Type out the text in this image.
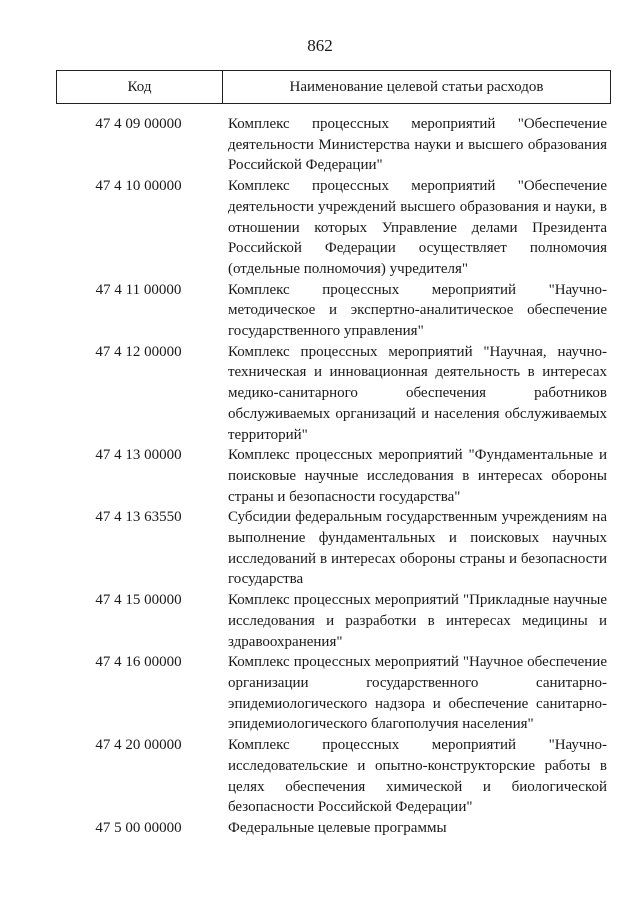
862
Код	Наименование целевой статьи расходов
47 4 09 00000	Комплекс процессных мероприятий "Обеспечение деятельности Министерства науки и высшего образования Российской Федерации"
47 4 10 00000	Комплекс процессных мероприятий "Обеспечение деятельности учреждений высшего образования и науки, в отношении которых Управление делами Президента Российской Федерации осуществляет полномочия (отдельные полномочия) учредителя"
47 4 11 00000	Комплекс процессных мероприятий "Научно-методическое и экспертно-аналитическое обеспечение государственного управления"
47 4 12 00000	Комплекс процессных мероприятий "Научная, научно-техническая и инновационная деятельность в интересах медико-санитарного обеспечения работников обслуживаемых организаций и населения обслуживаемых территорий"
47 4 13 00000	Комплекс процессных мероприятий "Фундаментальные и поисковые научные исследования в интересах обороны страны и безопасности государства"
47 4 13 63550	Субсидии федеральным государственным учреждениям на выполнение фундаментальных и поисковых научных исследований в интересах обороны страны и безопасности государства
47 4 15 00000	Комплекс процессных мероприятий "Прикладные научные исследования и разработки в интересах медицины и здравоохранения"
47 4 16 00000	Комплекс процессных мероприятий "Научное обеспечение организации государственного санитарно-эпидемиологического надзора и обеспечение санитарно-эпидемиологического благополучия населения"
47 4 20 00000	Комплекс процессных мероприятий "Научно-исследовательские и опытно-конструкторские работы в целях обеспечения химической и биологической безопасности Российской Федерации"
47 5 00 00000	Федеральные целевые программы
